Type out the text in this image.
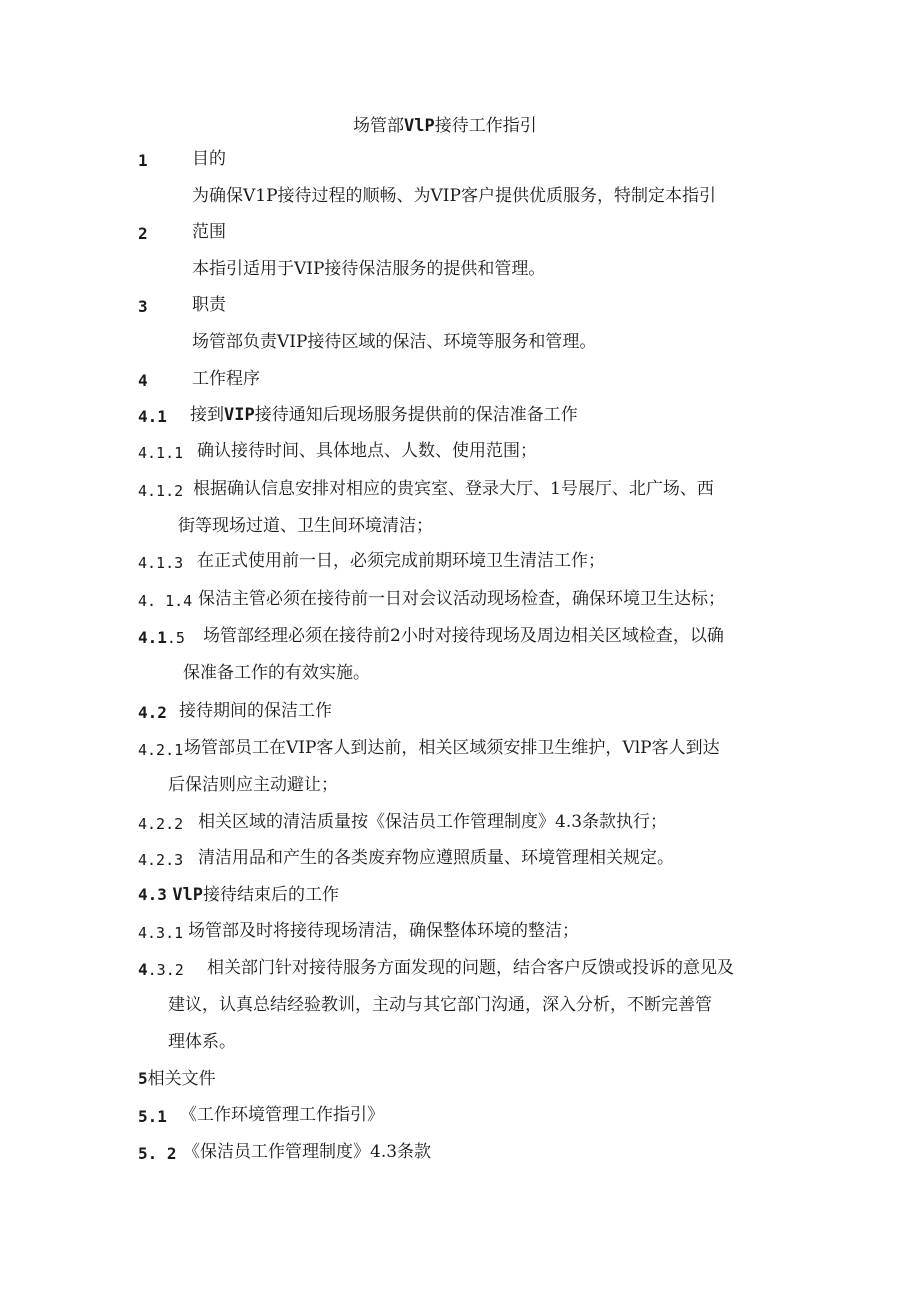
场管部VlP接待工作指引
1	目的
为确保V1P接待过程的顺畅、为VIP客户提供优质服务，特制定本指引
2	范围
本指引适用于VIP接待保洁服务的提供和管理。
3	职责
场管部负责VIP接待区域的保洁、环境等服务和管理。
4	工作程序
4.1 接到VIP接待通知后现场服务提供前的保洁准备工作
4.1.1 确认接待时间、具体地点、人数、使用范围；
4.1.2 根据确认信息安排对相应的贵宾室、登录大厅、1号展厅、北广场、西
街等现场过道、卫生间环境清洁；
4.1.3 在正式使用前一日，必须完成前期环境卫生清洁工作；
4. 1.4 保洁主管必须在接待前一日对会议活动现场检查，确保环境卫生达标；
4.1.5 场管部经理必须在接待前2小时对接待现场及周边相关区域检查，以确
保准备工作的有效实施。
4.2 接待期间的保洁工作
4.2.1 场管部员工在VIP客人到达前，相关区域须安排卫生维护，VlP客人到达
后保洁则应主动避让；
4.2.2 相关区域的清洁质量按《保洁员工作管理制度》4.3条款执行；
4.2.3 清洁用品和产生的各类废弃物应遵照质量、环境管理相关规定。
4.3 VlP接待结束后的工作
4.3.1 场管部及时将接待现场清洁，确保整体环境的整洁；
4.3.2 相关部门针对接待服务方面发现的问题，结合客户反馈或投诉的意见及
建议，认真总结经验教训，主动与其它部门沟通，深入分析，不断完善管
理体系。
5相关文件
5.1 《工作环境管理工作指引》
5. 2 《保洁员工作管理制度》4.3条款
